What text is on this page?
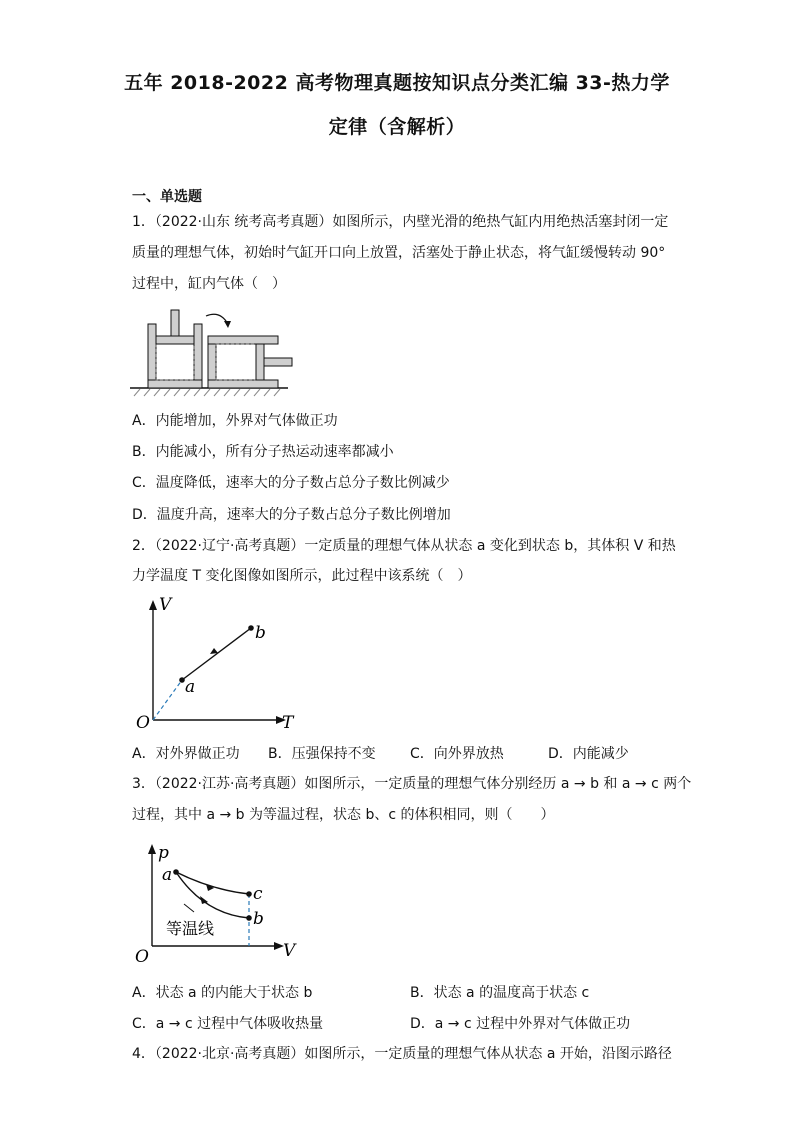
五年 2018-2022 高考物理真题按知识点分类汇编 33-热力学
定律（含解析）
一、单选题
1．（2022·山东 统考高考真题）如图所示，内壁光滑的绝热气缸内用绝热活塞封闭一定
质量的理想气体，初始时气缸开口向上放置，活塞处于静止状态，将气缸缓慢转动 90°
过程中，缸内气体（　）
A．内能增加，外界对气体做正功
B．内能减小，所有分子热运动速率都减小
C．温度降低，速率大的分子数占总分子数比例减少
D．温度升高，速率大的分子数占总分子数比例增加
2．（2022·辽宁·高考真题）一定质量的理想气体从状态 a 变化到状态 b，其体积 V 和热
力学温度 T 变化图像如图所示，此过程中该系统（　）
V
T
O
a
b
A．对外界做正功 B．压强保持不变 C．向外界放热	D．内能减少
3．（2022·江苏·高考真题）如图所示，一定质量的理想气体分别经历 a → b 和 a → c 两个
过程，其中 a → b 为等温过程，状态 b、c 的体积相同，则（　　）
p
V
O
a
c
b
等温线
A．状态 a 的内能大于状态 b	B．状态 a 的温度高于状态 c
C．a → c 过程中气体吸收热量	D．a → c 过程中外界对气体做正功
4．（2022·北京·高考真题）如图所示，一定质量的理想气体从状态 a 开始，沿图示路径
